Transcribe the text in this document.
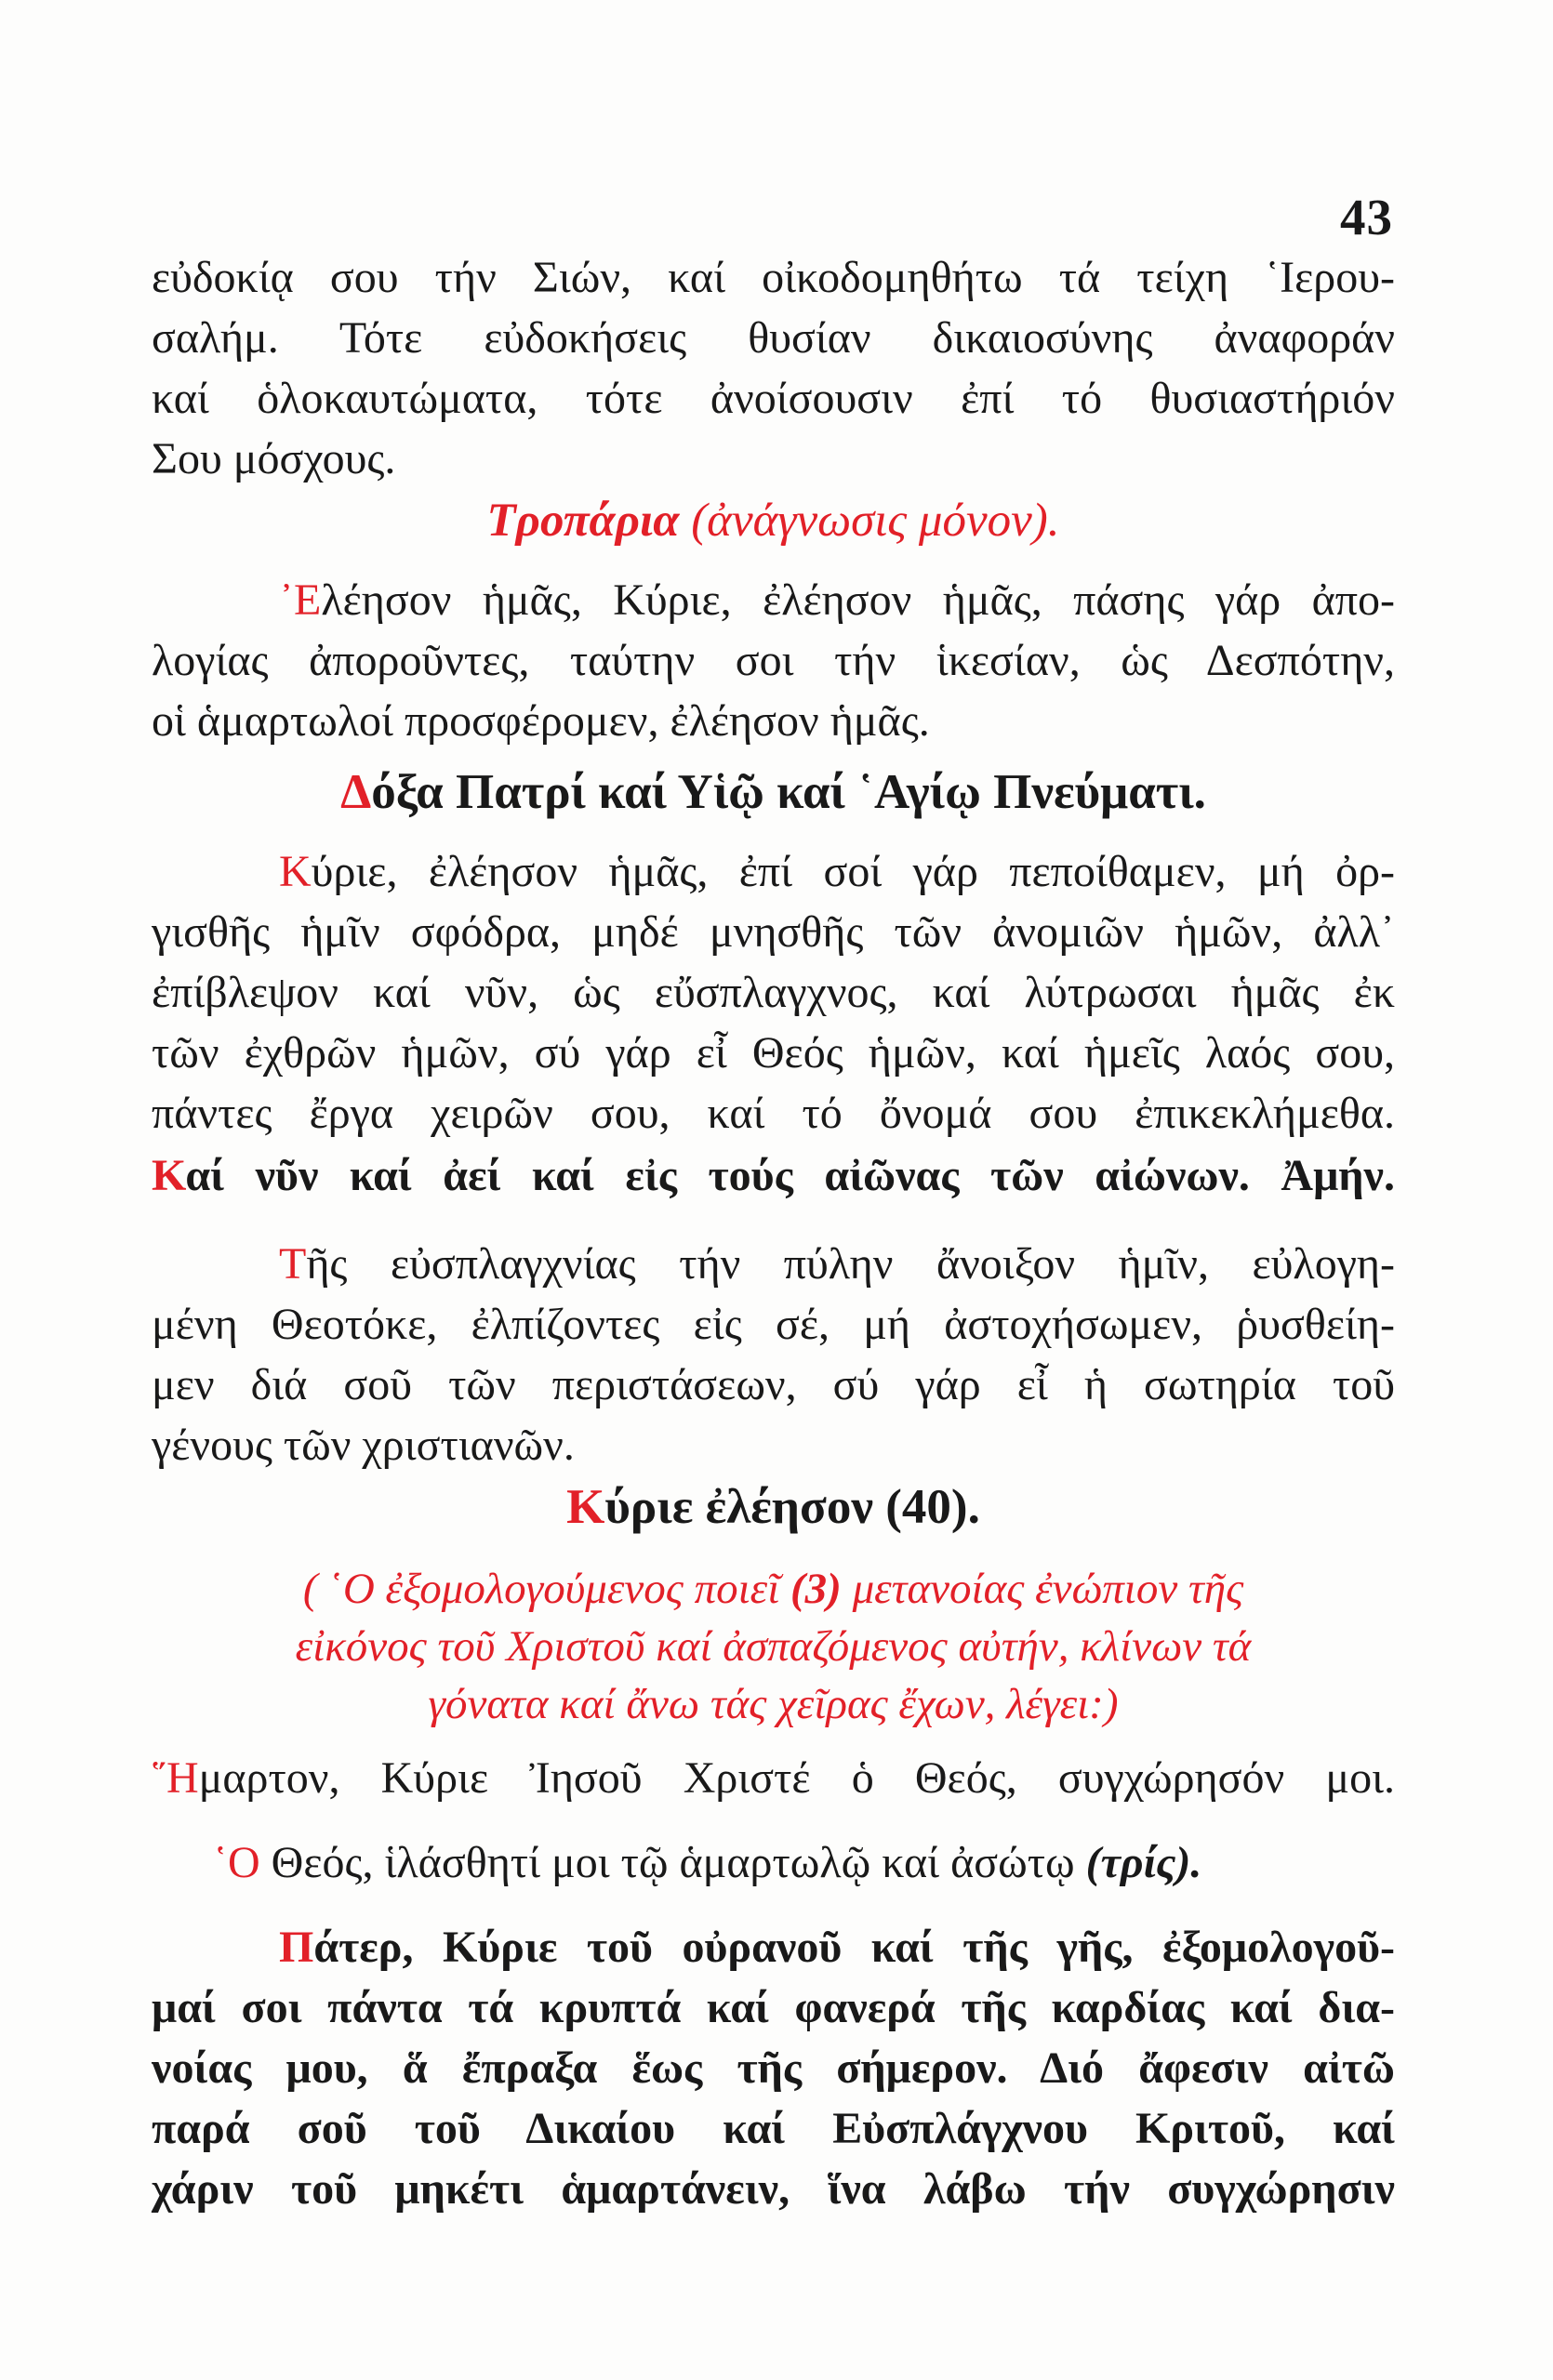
43
εὐδοκίᾳ σου τήν Σιών, καί οἰκοδομηθήτω τά τείχη ῾Ιερου-
σαλήμ. Τότε εὐδοκήσεις θυσίαν δικαιοσύνης ἀναφοράν
καί ὁλοκαυτώματα, τότε ἀνοίσουσιν ἐπί τό θυσιαστήριόν
Σου μόσχους.
Τροπάρια (ἀνάγνωσις μόνον).
᾿Ελέησον ἡμᾶς, Κύριε, ἐλέησον ἡμᾶς, πάσης γάρ ἀπο-
λογίας ἀποροῦντες, ταύτην σοι τήν ἱκεσίαν, ὡς Δεσπότην,
οἱ ἁμαρτωλοί προσφέρομεν, ἐλέησον ἡμᾶς.
Δόξα Πατρί καί Υἱῷ καί ῾Αγίῳ Πνεύματι.
Κύριε, ἐλέησον ἡμᾶς, ἐπί σοί γάρ πεποίθαμεν, μή ὀρ-
γισθῆς ἡμῖν σφόδρα, μηδέ μνησθῆς τῶν ἀνομιῶν ἡμῶν, ἀλλ᾿
ἐπίβλεψον καί νῦν, ὡς εὔσπλαγχνος, καί λύτρωσαι ἡμᾶς ἐκ
τῶν ἐχθρῶν ἡμῶν, σύ γάρ εἶ Θεός ἡμῶν, καί ἡμεῖς λαός σου,
πάντες ἔργα χειρῶν σου, καί τό ὄνομά σου ἐπικεκλήμεθα.
Καί νῦν καί ἀεί καί εἰς τούς αἰῶνας τῶν αἰώνων. Ἀμήν.
Τῆς εὐσπλαγχνίας τήν πύλην ἄνοιξον ἡμῖν, εὐλογη-
μένη Θεοτόκε, ἐλπίζοντες εἰς σέ, μή ἀστοχήσωμεν, ῥυσθείη-
μεν διά σοῦ τῶν περιστάσεων, σύ γάρ εἶ ἡ σωτηρία τοῦ
γένους τῶν χριστιανῶν.
Κύριε ἐλέησον (40).
( ῾Ο ἐξομολογούμενος ποιεῖ (3) μετανοίας ἐνώπιον τῆς
εἰκόνος τοῦ Χριστοῦ καί ἀσπαζόμενος αὐτήν, κλίνων τά
γόνατα καί ἄνω τάς χεῖρας ἔχων, λέγει:)
῞Ημαρτον, Κύριε Ἰησοῦ Χριστέ ὁ Θεός, συγχώρησόν μοι.
῾Ο Θεός, ἱλάσθητί μοι τῷ ἁμαρτωλῷ καί ἀσώτῳ (τρίς).
Πάτερ, Κύριε τοῦ οὐρανοῦ καί τῆς γῆς, ἐξομολογοῦ-
μαί σοι πάντα τά κρυπτά καί φανερά τῆς καρδίας καί δια-
νοίας μου, ἅ ἔπραξα ἕως τῆς σήμερον. Διό ἄφεσιν αἰτῶ
παρά σοῦ τοῦ Δικαίου καί Εὐσπλάγχνου Κριτοῦ, καί
χάριν τοῦ μηκέτι ἁμαρτάνειν, ἵνα λάβω τήν συγχώρησιν
